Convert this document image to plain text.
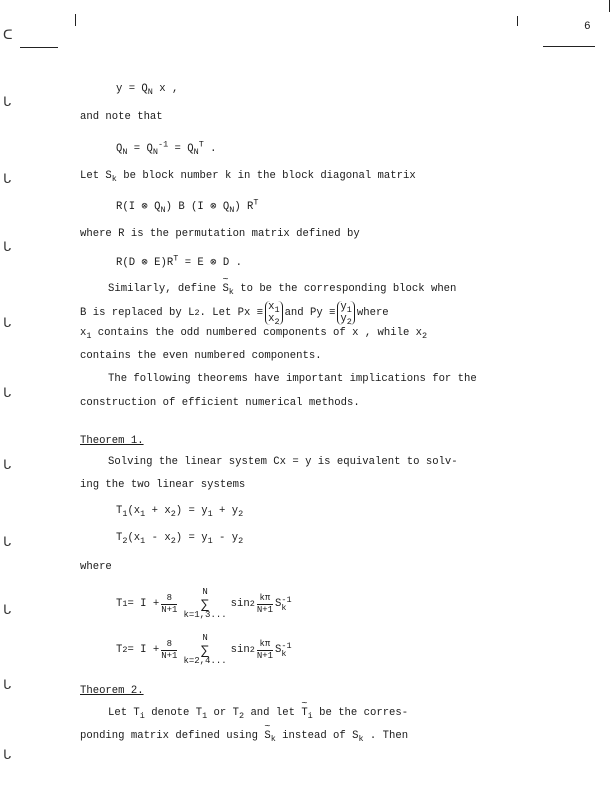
6
ᑕ
ᒐ
ᒐ
ᒐ
ᒐ
ᒐ
ᒐ
ᒐ
ᒐ
ᒐ
ᒐ
$y = Q_N$ x ,
and note that
$Q_N = Q_N^{-1} = Q_N^T$ .
Let $S_k$ be block number k in the block diagonal matrix
R(I ⊗ $Q_N$) B (I ⊗ $Q_N$) $R^T$
where R is the permutation matrix defined by
R(D ⊗ $E)R^T = E$ ⊗ D .
Similarly, define ~ $S_k$ to be the corresponding block when
B is replaced by L 2 . Let $Px \equiv x_1$
$x_2$
and $Py \equiv y_1$
$y_2$
where
$x_1$ contains the odd numbered components of x , while $x_2$
contains the even numbered components.
The following theorems have important implications for the
construction of efficient numerical methods.
Theorem 1.
Solving the linear system Cx = y is equivalent to solv-
ing the two linear systems
$T_1(x_1 + x_2) = y_1 + y_2$
$T_2(x_1 - x_2) = y_1 - y_2$
where
T $1 = I + \frac{8}{N+1}$
N
∑
k=1,3...
$\sin 2 \frac{k\pi}{N+1}$ S -1
k
T $2 = I + \frac{8}{N+1}$
N
∑
k=2,4...
$\sin 2 \frac{k\pi}{N+1}$ S -1
k
Theorem 2.
Let $T_i$ denote $T_1$ or $T_2$ and let ~ $T_i$ be the corres-
ponding matrix defined using ~ $S_k$ instead of $S_k$ . Then
